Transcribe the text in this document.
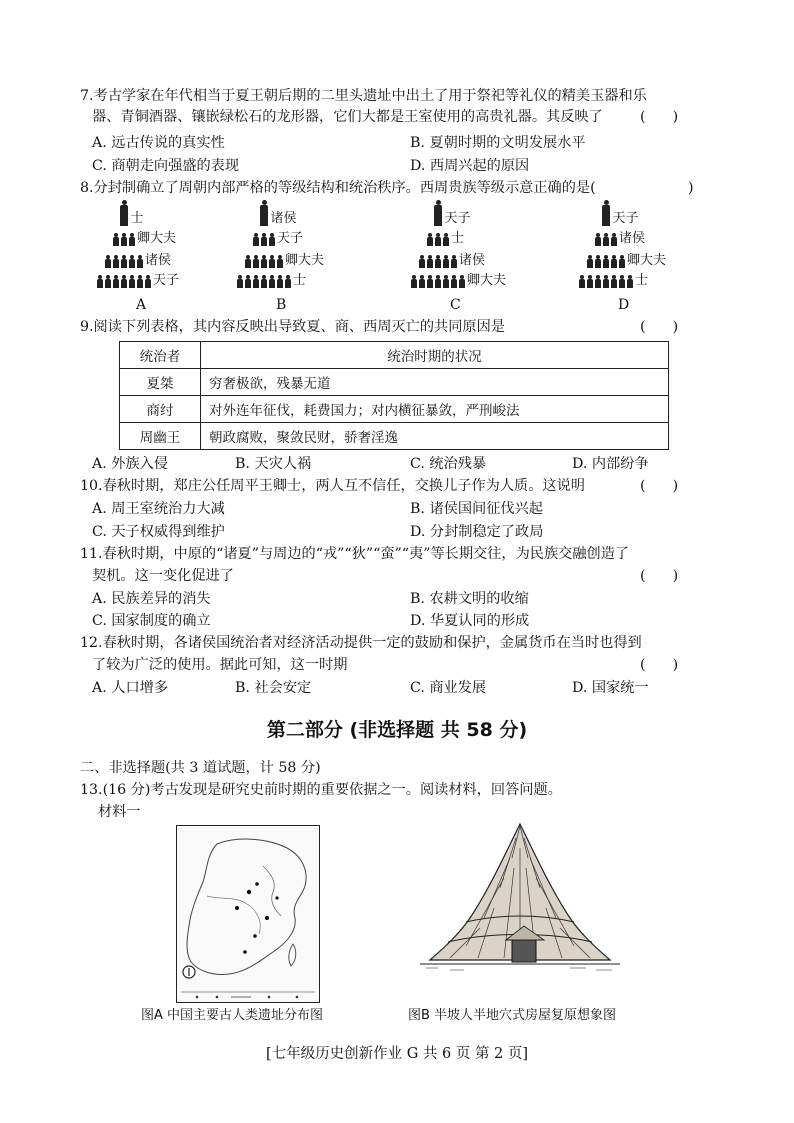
7.考古学家在年代相当于夏王朝后期的二里头遗址中出土了用于祭祀等礼仪的精美玉器和乐
器、青铜酒器、镶嵌绿松石的龙形器，它们大都是王室使用的高贵礼器。其反映了	(      )
A. 远古传说的真实性	B. 夏朝时期的文明发展水平
C. 商朝走向强盛的表现	D. 西周兴起的原因
8.分封制确立了周朝内部严格的等级结构和统治秩序。西周贵族等级示意正确的是(	)
士
卿大夫
诸侯
天子
A
诸侯
天子
卿大夫
士
B
天子
士
诸侯
卿大夫
C
天子
诸侯
卿大夫
士
D
9.阅读下列表格，其内容反映出导致夏、商、西周灭亡的共同原因是	(      )
统治者	统治时期的状况
夏桀	穷奢极欲，残暴无道
商纣	对外连年征伐，耗费国力；对内横征暴敛，严刑峻法
周幽王	朝政腐败，聚敛民财，骄奢淫逸
A. 外族入侵	B. 天灾人祸	C. 统治残暴	D. 内部纷争
10.春秋时期，郑庄公任周平王卿士，两人互不信任，交换儿子作为人质。这说明	(      )
A. 周王室统治力大减	B. 诸侯国间征伐兴起
C. 天子权威得到维护	D. 分封制稳定了政局
11.春秋时期，中原的“诸夏”与周边的“戎”“狄”“蛮”“夷”等长期交往，为民族交融创造了
契机。这一变化促进了	(      )
A. 民族差异的消失	B. 农耕文明的收缩
C. 国家制度的确立	D. 华夏认同的形成
12.春秋时期，各诸侯国统治者对经济活动提供一定的鼓励和保护，金属货币在当时也得到
了较为广泛的使用。据此可知，这一时期	(      )
A. 人口增多	B. 社会安定	C. 商业发展	D. 国家统一
第二部分 (非选择题 共 58 分)
二、非选择题(共 3 道试题，计 58 分)
13.(16 分)考古发现是研究史前时期的重要依据之一。阅读材料，回答问题。
材料一
图A 中国主要古人类遗址分布图	图B 半坡人半地穴式房屋复原想象图
[七年级历史创新作业 G 共 6 页 第 2 页]
